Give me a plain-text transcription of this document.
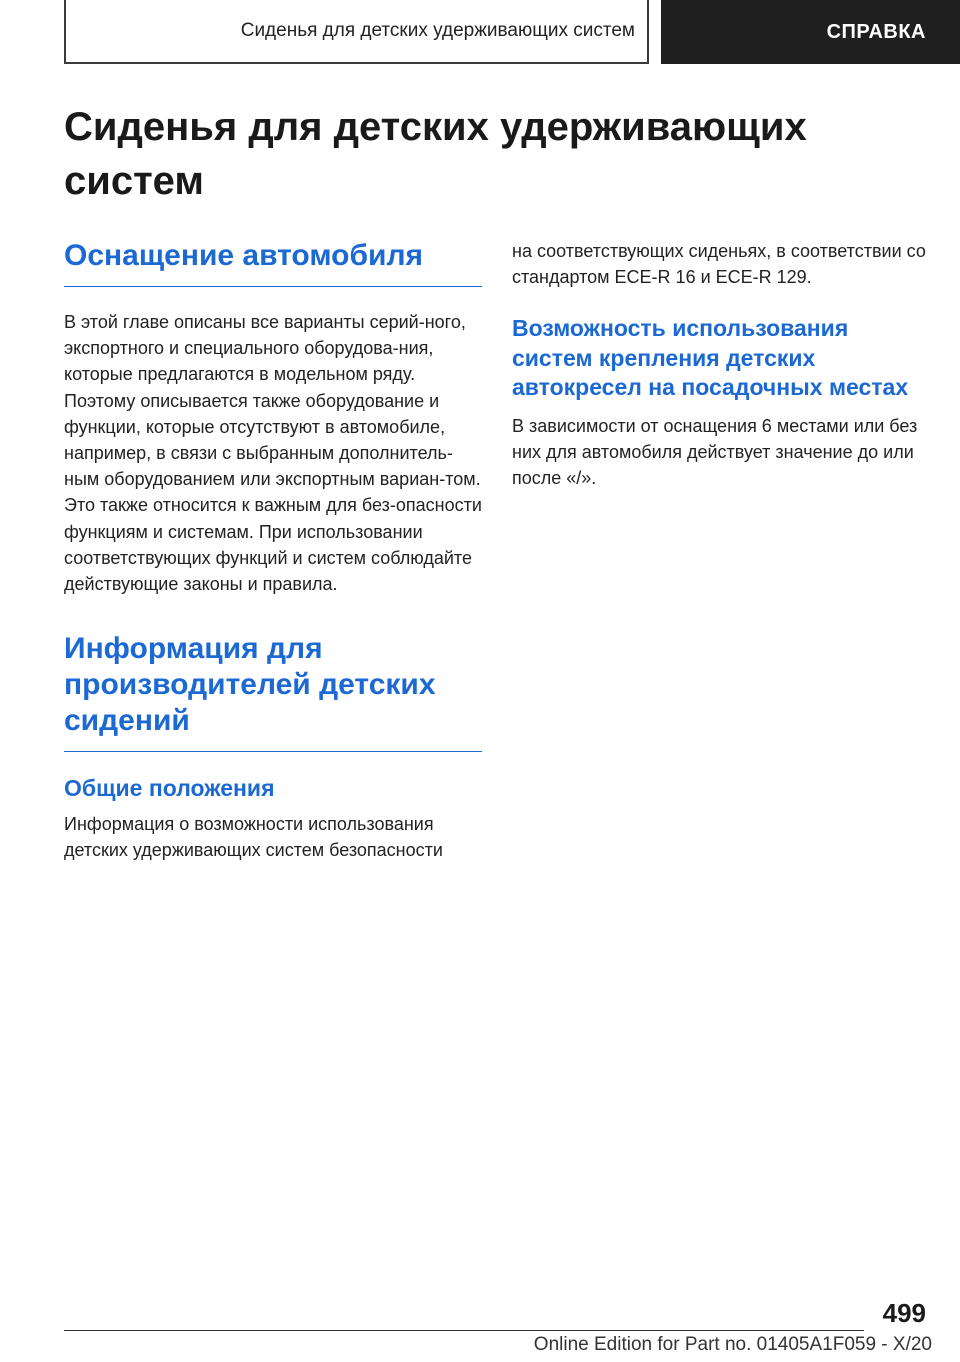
Сиденья для детских удерживающих систем	СПРАВКА
Сиденья для детских удерживающих систем
Оснащение автомобиля

В этой главе описаны все варианты серий-ного, экспортного и специального оборудова-ния, которые предлагаются в модельном ряду. Поэтому описывается также оборудование и функции, которые отсутствуют в автомобиле, например, в связи с выбранным дополнитель-ным оборудованием или экспортным вариан-том. Это также относится к важным для без-опасности функциям и системам. При использовании соответствующих функций и систем соблюдайте действующие законы и правила.

Информация для производителей детских сидений
Общие положения

Информация о возможности использования детских удерживающих систем безопасности

на соответствующих сиденьях, в соответствии со стандартом ECE-R 16 и ECE-R 129.

Возможность использования систем крепления детских автокресел на посадочных местах

В зависимости от оснащения 6 местами или без них для автомобиля действует значение до или после «/».

499
Online Edition for Part no. 01405A1F059 - X/20
